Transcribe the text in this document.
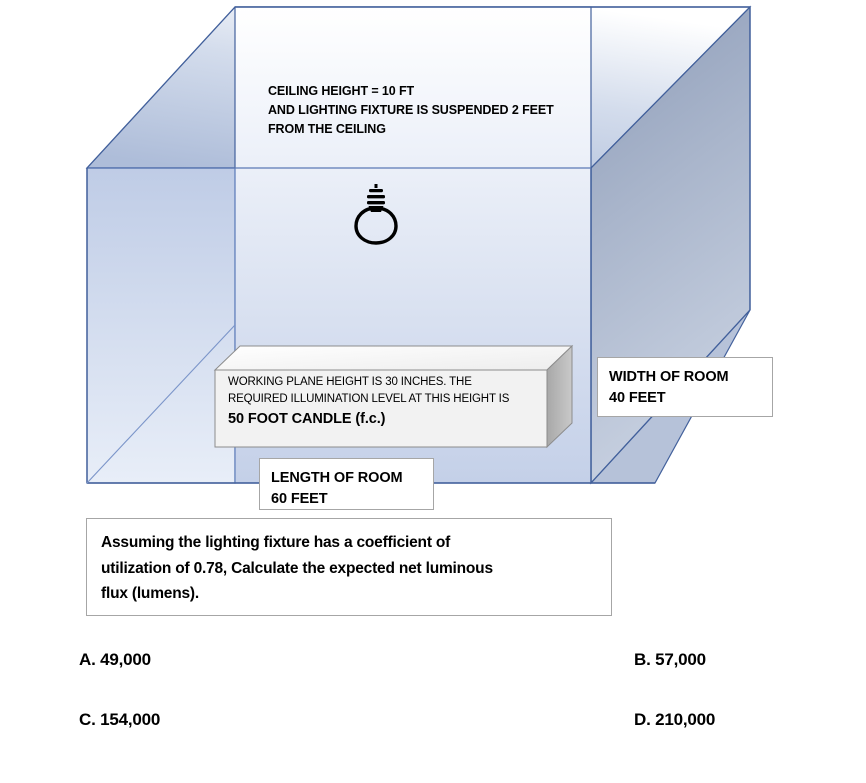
CEILING HEIGHT = 10 FT
AND LIGHTING FIXTURE IS SUSPENDED 2 FEET
FROM THE CEILING
WORKING PLANE HEIGHT IS 30 INCHES. THE
REQUIRED ILLUMINATION LEVEL AT THIS HEIGHT IS
50 FOOT CANDLE (f.c.)
WIDTH OF ROOM
40 FEET
LENGTH OF ROOM
60 FEET
Assuming the lighting fixture has a coefficient of
utilization of 0.78, Calculate the expected net luminous
flux (lumens).
A. 49,000	B. 57,000
C. 154,000	D. 210,000
